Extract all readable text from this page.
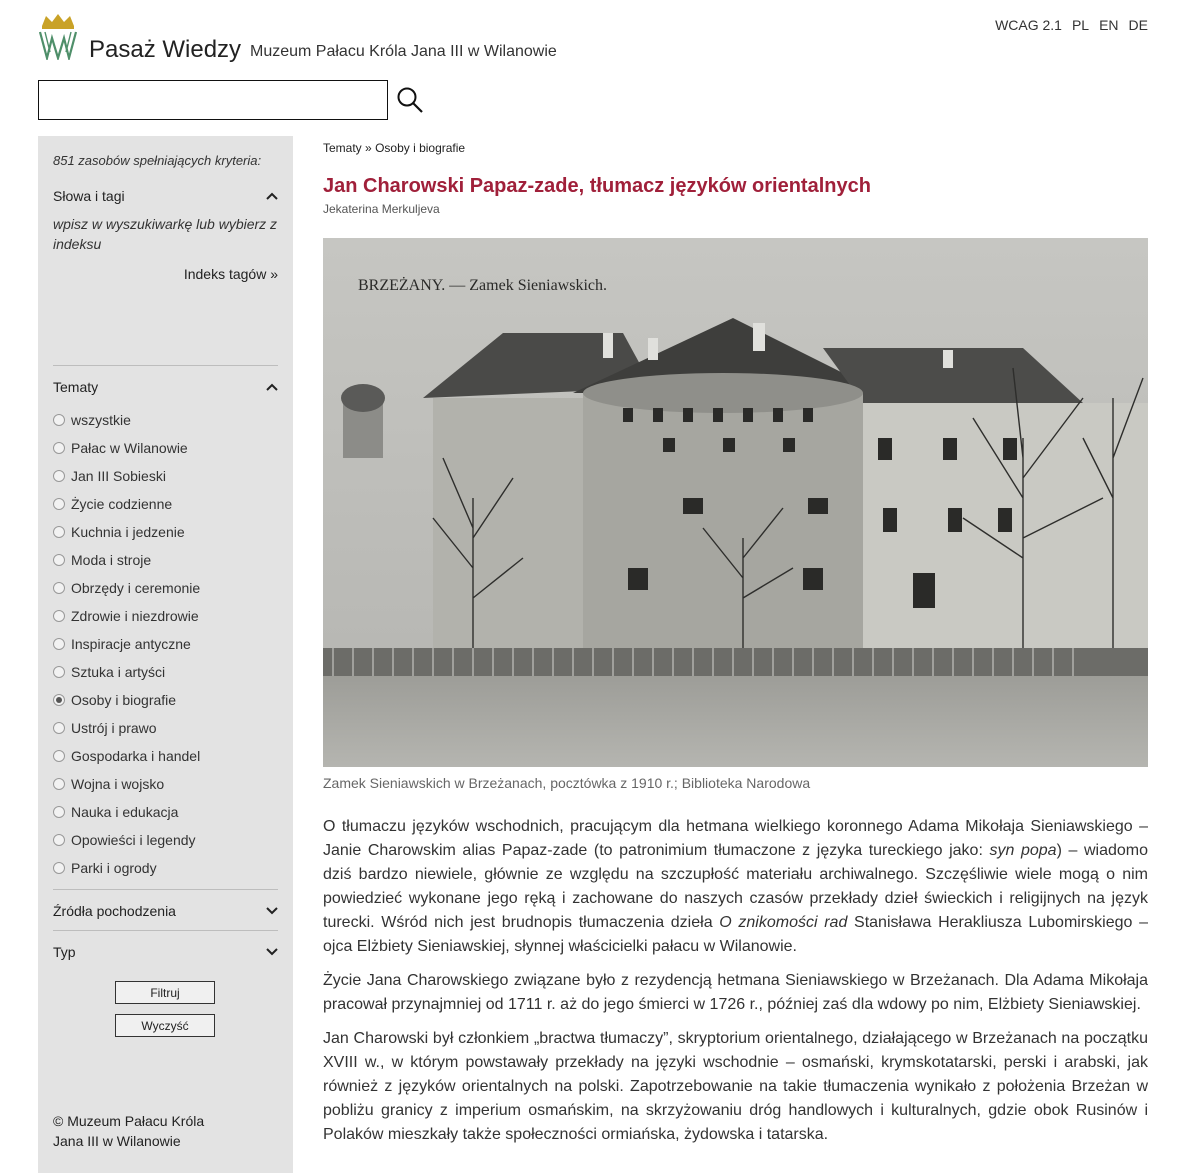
Pasaż Wiedzy Muzeum Pałacu Króla Jana III w Wilanowie
WCAG 2.1 PL EN DE
851 zasobów spełniających kryteria:
Słowa i tagi
wpisz w wyszukiwarkę lub wybierz z indeksu
Indeks tagów »
Tematy
wszystkie
Pałac w Wilanowie
Jan III Sobieski
Życie codzienne
Kuchnia i jedzenie
Moda i stroje
Obrzędy i ceremonie
Zdrowie i niezdrowie
Inspiracje antyczne
Sztuka i artyści
Osoby i biografie
Ustrój i prawo
Gospodarka i handel
Wojna i wojsko
Nauka i edukacja
Opowieści i legendy
Parki i ogrody
Źródła pochodzenia
Typ
Filtruj
Wyczyść
© Muzeum Pałacu Króla
Jana III w Wilanowie
Tematy » Osoby i biografie
Jan Charowski Papaz-zade, tłumacz języków orientalnych
Jekaterina Merkuljeva
BRZEŻANY. — Zamek Sieniawskich.
Zamek Sieniawskich w Brzeżanach, pocztówka z 1910 r.; Biblioteka Narodowa

O tłumaczu języków wschodnich, pracującym dla hetmana wielkiego koronnego Adama Mikołaja Sieniawskiego – Janie Charowskim alias Papaz-zade (to patronimium tłumaczone z języka tureckiego jako: syn popa) – wiadomo dziś bardzo niewiele, głównie ze względu na szczupłość materiału archiwalnego. Szczęśliwie wiele mogą o nim powiedzieć wykonane jego ręką i zachowane do naszych czasów przekłady dzieł świeckich i religijnych na język turecki. Wśród nich jest brudnopis tłumaczenia dzieła O znikomości rad Stanisława Herakliusza Lubomirskiego – ojca Elżbiety Sieniawskiej, słynnej właścicielki pałacu w Wilanowie.

Życie Jana Charowskiego związane było z rezydencją hetmana Sieniawskiego w Brzeżanach. Dla Adama Mikołaja pracował przynajmniej od 1711 r. aż do jego śmierci w 1726 r., później zaś dla wdowy po nim, Elżbiety Sieniawskiej.

Jan Charowski był członkiem „bractwa tłumaczy”, skryptorium orientalnego, działającego w Brzeżanach na początku XVIII w., w którym powstawały przekłady na języki wschodnie – osmański, krymskotatarski, perski i arabski, jak również z języków orientalnych na polski. Zapotrzebowanie na takie tłumaczenia wynikało z położenia Brzeżan w pobliżu granicy z imperium osmańskim, na skrzyżowaniu dróg handlowych i kulturalnych, gdzie obok Rusinów i Polaków mieszkały także społeczności ormiańska, żydowska i tatarska.
